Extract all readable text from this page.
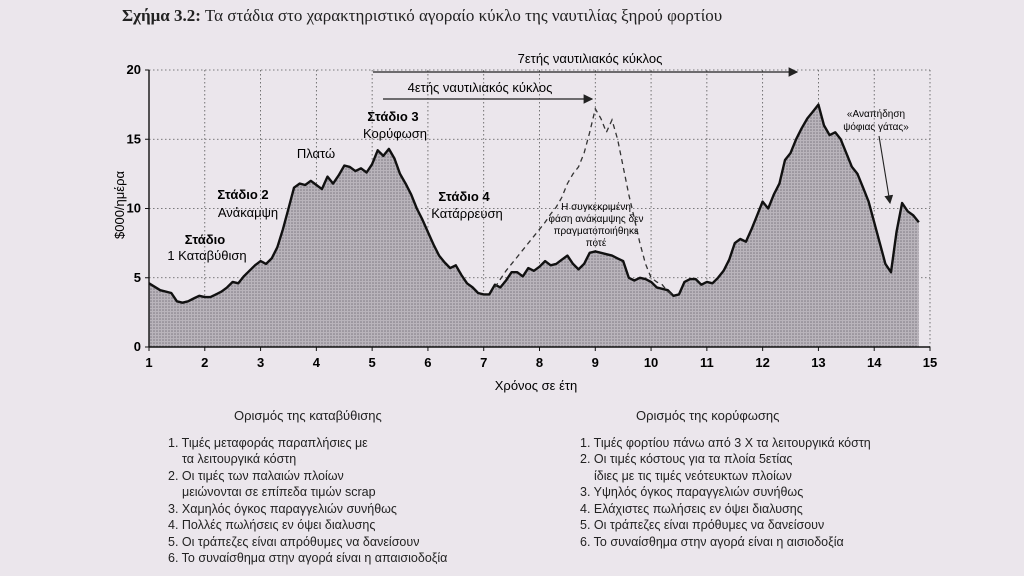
Σχήμα 3.2: Τα στάδια στο χαρακτηριστικό αγοραίο κύκλο της ναυτιλίας ξηρού φορτίου
1	2	3	4	5	6	7	8	9	10	11	12	13	14	15
0
5
10
15
20
$000/ημέρα
Χρόνος σε έτη
7ετής ναυτιλιακός κύκλος
4ετής ναυτιλιακός κύκλος
Στάδιο
1 Καταβύθιση
Στάδιο 2
Ανάκαμψη
Πλατώ
Στάδιο 3
Κορύφωση
Στάδιο 4
Κατάρρευση	Η συγκεκριμένη
φάση ανάκαμψης δεν
πραγματοποιήθηκε
ποτέ
«Αναπήδηση
ψόφιας γάτας»
Ορισμός της καταβύθισης
1. Τιμές μεταφοράς παραπλήσιες με
τα λειτουργικά κόστη
2. Οι τιμές των παλαιών πλοίων
μειώνονται σε επίπεδα τιμών scrap
3. Χαμηλός όγκος παραγγελιών συνήθως
4. Πολλές πωλήσεις εν όψει διαλυσης
5. Οι τράπεζες είναι απρόθυμες να δανείσουν
6. Το συναίσθημα στην αγορά είναι η απαισιοδοξία
Ορισμός της κορύφωσης
1. Τιμές φορτίου πάνω από 3 Χ τα λειτουργικά κόστη
2. Οι τιμές κόστους για τα πλοία 5ετίας
ίδιες με τις τιμές νεότευκτων πλοίων
3. Υψηλός όγκος παραγγελιών συνήθως
4. Ελάχιστες πωλήσεις εν όψει διαλυσης
5. Οι τράπεζες είναι πρόθυμες να δανείσουν
6. Το συναίσθημα στην αγορά είναι η αισιοδοξία
